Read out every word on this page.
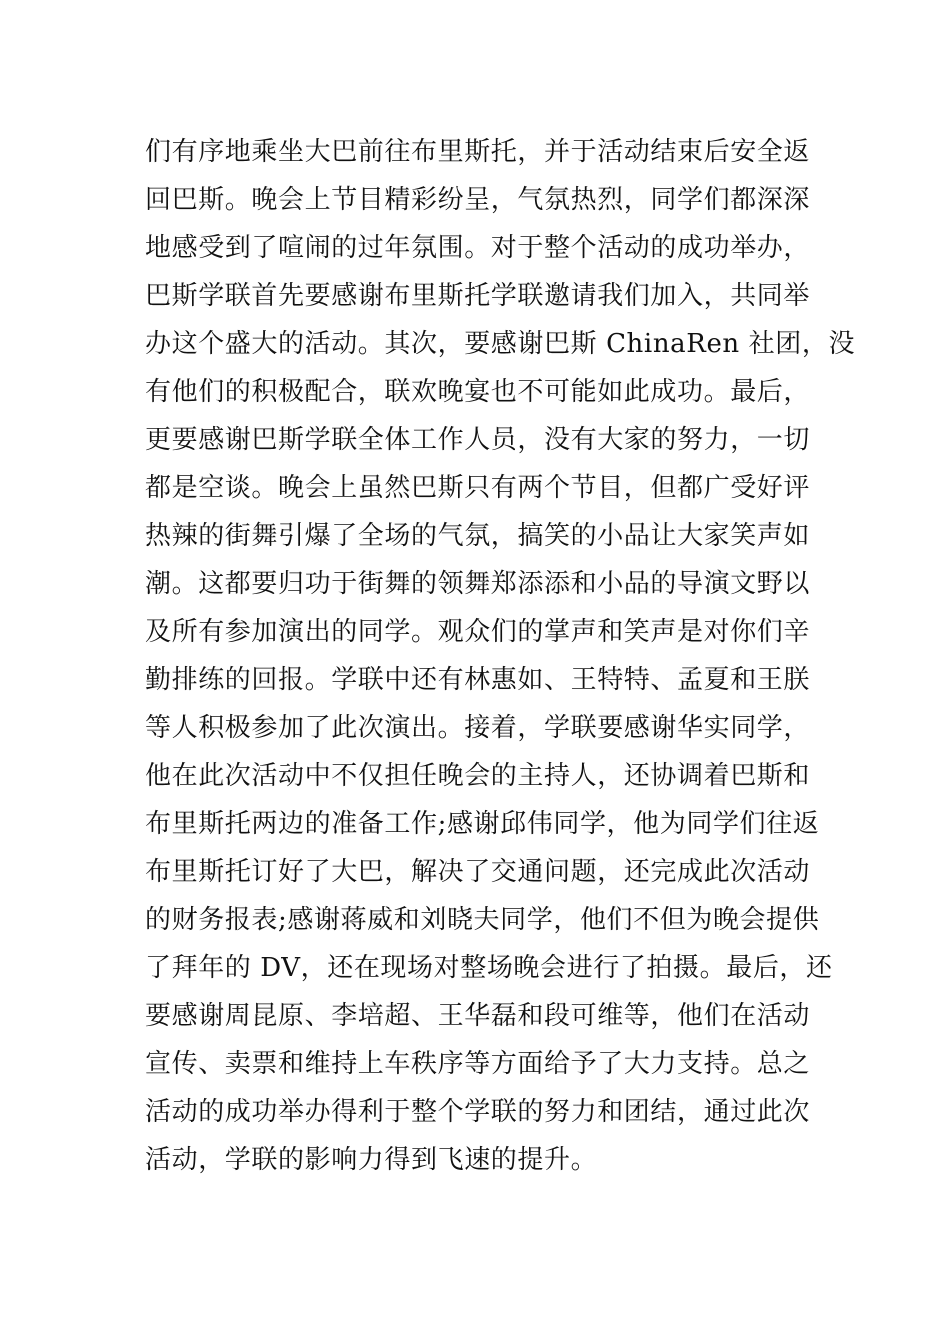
们有序地乘坐大巴前往布里斯托，并于活动结束后安全返
回巴斯。晚会上节目精彩纷呈，气氛热烈，同学们都深深
地感受到了喧闹的过年氛围。对于整个活动的成功举办，
巴斯学联首先要感谢布里斯托学联邀请我们加入，共同举
办这个盛大的活动。其次，要感谢巴斯 ChinaRen 社团，没
有他们的积极配合，联欢晚宴也不可能如此成功。最后，
更要感谢巴斯学联全体工作人员，没有大家的努力，一切
都是空谈。晚会上虽然巴斯只有两个节目，但都广受好评
热辣的街舞引爆了全场的气氛，搞笑的小品让大家笑声如
潮。这都要归功于街舞的领舞郑添添和小品的导演文野以
及所有参加演出的同学。观众们的掌声和笑声是对你们辛
勤排练的回报。学联中还有林惠如、王特特、孟夏和王朕
等人积极参加了此次演出。接着，学联要感谢华实同学，
他在此次活动中不仅担任晚会的主持人，还协调着巴斯和
布里斯托两边的准备工作;感谢邱伟同学，他为同学们往返
布里斯托订好了大巴，解决了交通问题，还完成此次活动
的财务报表;感谢蒋威和刘晓夫同学，他们不但为晚会提供
了拜年的 DV，还在现场对整场晚会进行了拍摄。最后，还
要感谢周昆原、李培超、王华磊和段可维等，他们在活动
宣传、卖票和维持上车秩序等方面给予了大力支持。总之
活动的成功举办得利于整个学联的努力和团结，通过此次
活动，学联的影响力得到飞速的提升。
